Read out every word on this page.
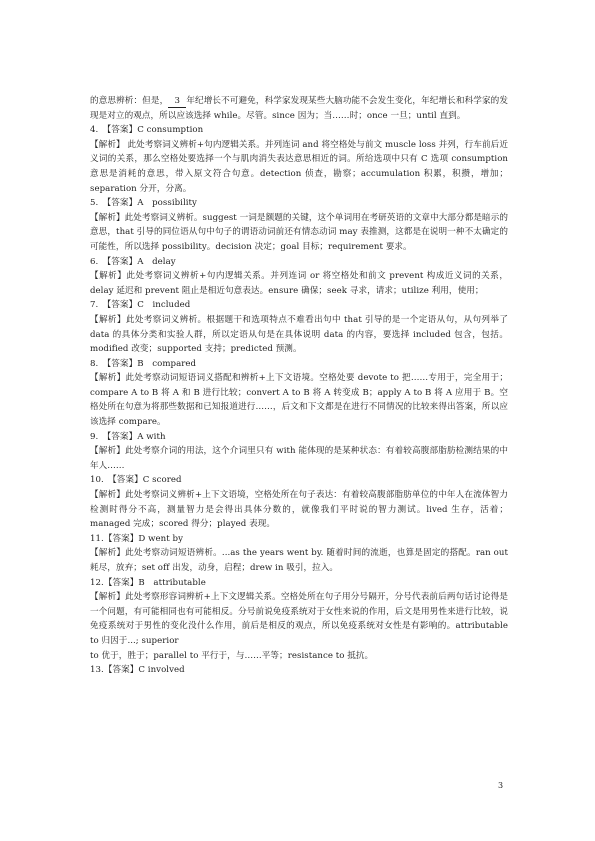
的意思辨析：但是， 3 年纪增长不可避免，科学家发现某些大脑功能不会发生变化，年纪增长和科学家的发现是对立的观点，所以应该选择 while。尽管。since 因为；当……时；once 一旦；until 直到。

4.　【答案】C consumption

【解析】 此处考察词义辨析+句内逻辑关系。并列连词 and 将空格处与前文 muscle loss 并列，行车前后近义词的关系，那么空格处要选择一个与肌肉消失表达意思相近的词。所给选项中只有 C 选项 consumption 意思是消耗的意思，带入原文符合句意。detection 侦查，勘察；accumulation 积累，积攒，增加；separation 分开，分离。

5.　【答案】A　possibility

【解析】此处考察词义辨析。suggest 一词是额题的关键，这个单词用在考研英语的文章中大部分都是暗示的意思，that 引导的同位语从句中句子的谓语动词前还有情态动词 may 表推测，这都是在说明一种不太确定的可能性，所以选择 possibility。decision 决定；goal 目标；requirement 要求。

6.　【答案】A　delay

【解析】此处考察词义辨析+句内逻辑关系。并列连词 or 将空格处和前文 prevent 构成近义词的关系，delay 延迟和 prevent 阻止是相近句意表达。ensure 确保；seek 寻求，请求；utilize 利用，使用；

7.　【答案】C　included

【解析】此处考察词义辨析。根据题干和选项特点不难看出句中 that 引导的是一个定语从句，从句列举了 data 的具体分类和实验人群，所以定语从句是在具体说明 data 的内容，要选择 included 包含，包括。modified 改变；supported 支持；predicted 预测。

8.　【答案】B　compared

【解析】此处考察动词短语词义搭配和辨析+上下文语境。空格处要 devote to 把……专用于，完全用于；compare A to B 将 A 和 B 进行比较；convert A to B 将 A 转变成 B；apply A to B 将 A 应用于 B。空格处所在句意为将那些数据和已知报道进行……，后文和下文都是在进行不同情况的比较来得出答案，所以应该选择 compare。

9.　【答案】A with

【解析】此处考察介词的用法，这个介词里只有 with 能体现的是某种状态：有着较高腹部脂肪检测结果的中年人……

10.　【答案】C scored

【解析】此处考察词义辨析+上下文语境，空格处所在句子表达：有着较高腹部脂肪单位的中年人在流体智力检测时得分不高，测量智力是会得出具体分数的，就像我们平时说的智力测试。lived 生存，活着；managed 完成；scored 得分；played 表现。

11.【答案】D went by

【解析】此处考察动词短语辨析。...as the years went by. 随着时间的流逝，也算是固定的搭配。ran out 耗尽，放弃；set off 出发，动身，启程；drew in 吸引，拉入。

12.【答案】B　attributable

【解析】此处考察形容词辨析+上下文逻辑关系。空格处所在句子用分号隔开，分号代表前后两句话讨论得是一个问题，有可能相同也有可能相反。分号前说免疫系统对于女性来说的作用，后文是用男性来进行比较，说免疫系统对于男性的变化没什么作用，前后是相反的观点，所以免疫系统对女性是有影响的。attributable to 归因于...; superior

to 优于，胜于；parallel to 平行于，与……平等；resistance to 抵抗。

13.【答案】C involved

3
